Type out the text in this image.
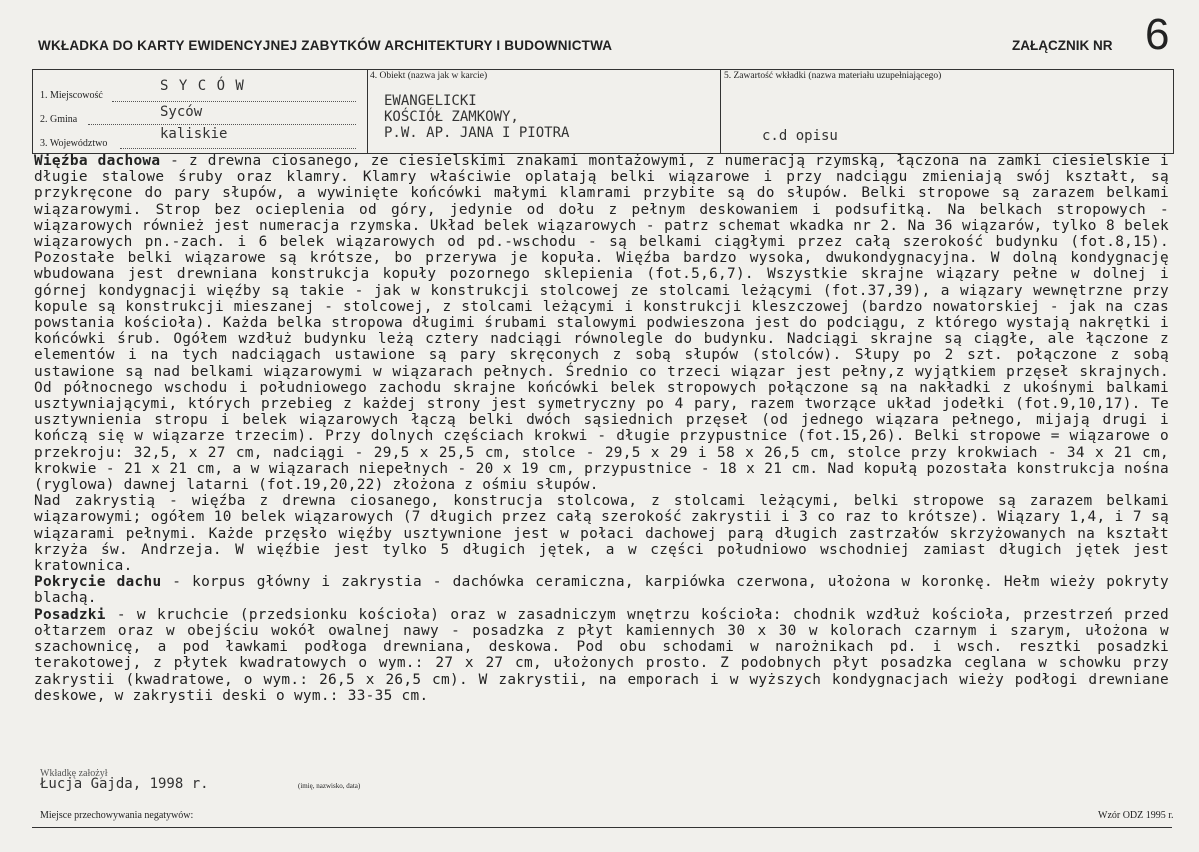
WKŁADKA DO KARTY EWIDENCYJNEJ ZABYTKÓW ARCHITEKTURY I BUDOWNICTWA	ZAŁĄCZNIK NR 6
1. Miejscowość
S Y C Ó W
2. Gmina	Syców
3. Województwo
kaliskie
4. Obiekt (nazwa jak w karcie)
EWANGELICKI
KOŚCIÓŁ ZAMKOWY,
P.W. AP. JANA I PIOTRA
5. Zawartość wkładki (nazwa materiału uzupełniającego)
c.d opisu

Więźba dachowa - z drewna ciosanego, ze ciesielskimi znakami montażowymi, z numeracją rzymską, łączona na zamki ciesielskie i długie stalowe śruby oraz klamry. Klamry właściwie oplatają belki wiązarowe i przy nadciągu zmieniają swój kształt, są przykręcone do pary słupów, a wywinięte końcówki małymi klamrami przybite są do słupów. Belki stropowe są zarazem belkami wiązarowymi. Strop bez ocieplenia od góry, jedynie od dołu z pełnym deskowaniem i podsufitką. Na belkach stropowych - wiązarowych również jest numeracja rzymska. Układ belek wiązarowych - patrz schemat wkadka nr 2. Na 36 wiązarów, tylko 8 belek wiązarowych pn.-zach. i 6 belek wiązarowych od pd.-wschodu - są belkami ciągłymi przez całą szerokość budynku (fot.8,15). Pozostałe belki wiązarowe są krótsze, bo przerywa je kopuła. Więźba bardzo wysoka, dwukondygnacyjna. W dolną kondygnację wbudowana jest drewniana konstrukcja kopuły pozornego sklepienia (fot.5,6,7). Wszystkie skrajne wiązary pełne w dolnej i górnej kondygnacji więźby są takie - jak w konstrukcji stolcowej ze stolcami leżącymi (fot.37,39), a wiązary wewnętrzne przy kopule są konstrukcji mieszanej - stolcowej, z stolcami leżącymi i konstrukcji kleszczowej (bardzo nowatorskiej - jak na czas powstania kościoła). Każda belka stropowa długimi śrubami stalowymi podwieszona jest do podciągu, z którego wystają nakrętki i końcówki śrub. Ogółem wzdłuż budynku leżą cztery nadciągi równolegle do budynku. Nadciągi skrajne są ciągłe, ale łączone z elementów i na tych nadciągach ustawione są pary skręconych z sobą słupów (stolców). Słupy po 2 szt. połączone z sobą ustawione są nad belkami wiązarowymi w wiązarach pełnych. Średnio co trzeci wiązar jest pełny,z wyjątkiem przęseł skrajnych. Od północnego wschodu i południowego zachodu skrajne końcówki belek stropowych połączone są na nakładki z ukośnymi balkami usztywniającymi, których przebieg z każdej strony jest symetryczny po 4 pary, razem tworzące układ jodełki (fot.9,10,17). Te usztywnienia stropu i belek wiązarowych łączą belki dwóch sąsiednich przęseł (od jednego wiązara pełnego, mijają drugi i kończą się w wiązarze trzecim). Przy dolnych częściach krokwi - długie przypustnice (fot.15,26). Belki stropowe = wiązarowe o przekroju: 32,5, x 27 cm, nadciągi - 29,5 x 25,5 cm, stolce - 29,5 x 29 i 58 x 26,5 cm, stolce przy krokwiach - 34 x 21 cm, krokwie - 21 x 21 cm, a w wiązarach niepełnych - 20 x 19 cm, przypustnice - 18 x 21 cm. Nad kopułą pozostała konstrukcja nośna (ryglowa) dawnej latarni (fot.19,20,22) złożona z ośmiu słupów.

Nad zakrystią - więźba z drewna ciosanego, konstrucja stolcowa, z stolcami leżącymi, belki stropowe są zarazem belkami wiązarowymi; ogółem 10 belek wiązarowych (7 długich przez całą szerokość zakrystii i 3 co raz to krótsze). Wiązary 1,4, i 7 są wiązarami pełnymi. Każde przęsło więźby usztywnione jest w połaci dachowej parą długich zastrzałów skrzyżowanych na kształt krzyża św. Andrzeja. W więźbie jest tylko 5 długich jętek, a w części południowo wschodniej zamiast długich jętek jest kratownica.

Pokrycie dachu - korpus główny i zakrystia - dachówka ceramiczna, karpiówka czerwona, ułożona w koronkę. Hełm wieży pokryty blachą.

Posadzki - w kruchcie (przedsionku kościoła) oraz w zasadniczym wnętrzu kościoła: chodnik wzdłuż kościoła, przestrzeń przed ołtarzem oraz w obejściu wokół owalnej nawy - posadzka z płyt kamiennych 30 x 30 w kolorach czarnym i szarym, ułożona w szachownicę, a pod ławkami podłoga drewniana, deskowa. Pod obu schodami w narożnikach pd. i wsch. resztki posadzki terakotowej, z płytek kwadratowych o wym.: 27 x 27 cm, ułożonych prosto. Z podobnych płyt posadzka ceglana w schowku przy zakrystii (kwadratowe, o wym.: 26,5 x 26,5 cm). W zakrystii, na emporach i w wyższych kondygnacjach wieży podłogi drewniane deskowe, w zakrystii deski o wym.: 33-35 cm.

Wkładkę założył
Łucja Gajda, 1998 r.	(imię, nazwisko, data)
Miejsce przechowywania negatywów:	Wzór ODZ 1995 r.
